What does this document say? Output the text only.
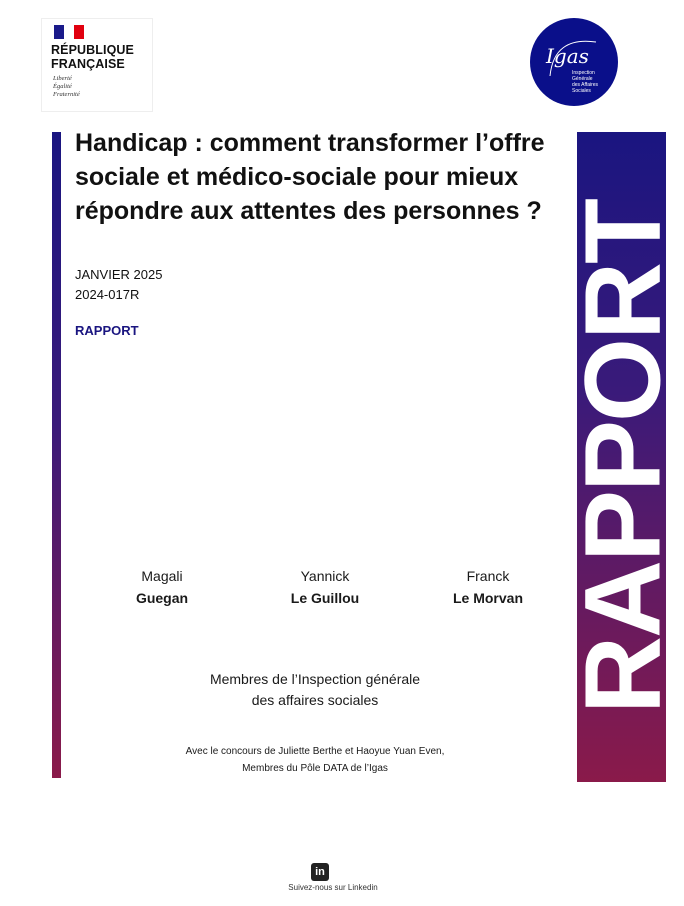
RÉPUBLIQUE
FRANÇAISE
Liberté
Égalité
Fraternité
Igas
Inspection
Générale
des Affaires
Sociales
Handicap : comment transformer l’offre sociale et médico-sociale pour mieux répondre aux attentes des personnes ?
JANVIER 2025
2024-017R
RAPPORT
Magali
Guegan
Yannick
Le Guillou
Franck
Le Morvan
Membres de l’Inspection générale
des affaires sociales
Avec le concours de Juliette Berthe et Haoyue Yuan Even,
Membres du Pôle DATA de l’Igas
RAPPORT
in
Suivez-nous sur Linkedin
